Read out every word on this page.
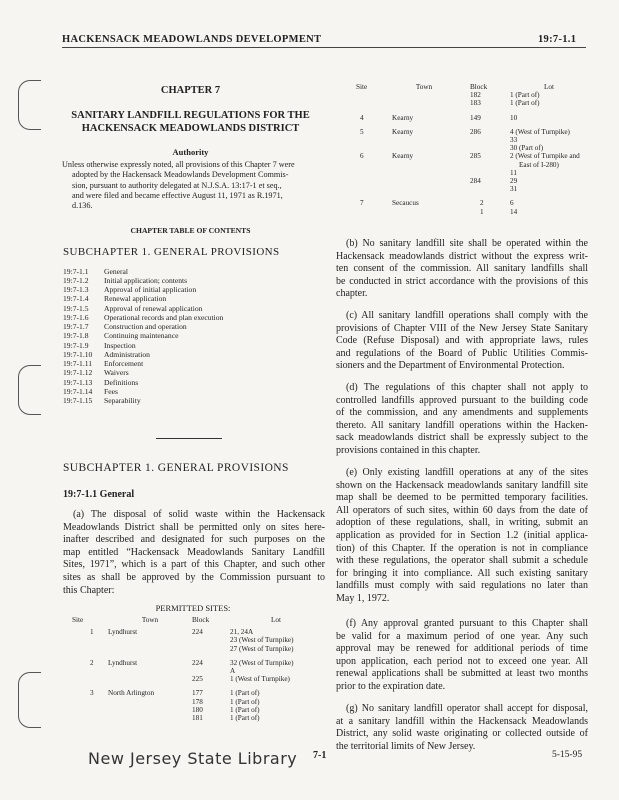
HACKENSACK MEADOWLANDS DEVELOPMENT	19:7-1.1
CHAPTER 7
SANITARY LANDFILL REGULATIONS FOR THE
HACKENSACK MEADOWLANDS DISTRICT
Authority
Unless otherwise expressly noted, all provisions of this Chapter 7 were
adopted by the Hackensack Meadowlands Development Commis-
sion, pursuant to authority delegated at N.J.S.A. 13:17-1 et seq.,
and were filed and became effective August 11, 1971 as R.1971,
d.136.
CHAPTER TABLE OF CONTENTS
SUBCHAPTER 1. GENERAL PROVISIONS
19:7-1.1 General
19:7-1.2 Initial application; contents
19:7-1.3 Approval of initial application
19:7-1.4 Renewal application
19:7-1.5 Approval of renewal application
19:7-1.6 Operational records and plan execution
19:7-1.7 Construction and operation
19:7-1.8 Continuing maintenance
19:7-1.9 Inspection
19:7-1.10 Administration
19:7-1.11 Enforcement
19:7-1.12 Waivers
19:7-1.13 Definitions
19:7-1.14 Fees
19:7-1.15 Separability
SUBCHAPTER 1. GENERAL PROVISIONS
19:7-1.1 General
(a) The disposal of solid waste within the Hackensack
Meadowlands District shall be permitted only on sites here-
inafter described and designated for such purposes on the
map entitled “Hackensack Meadowlands Sanitary Landfill
Sites, 1971”, which is a part of this Chapter, and such other
sites as shall be approved by the Commission pursuant to
this Chapter:
PERMITTED SITES:
Site	Town	Block	Lot
1	Lyndhurst	224	21, 24A
			23 (West of Turnpike)
			27 (West of Turnpike)
2	Lyndhurst	224	32 (West of Turnpike)
			A
		225	1 (West of Turnpike)
3	North Arlington	177	1 (Part of)
		178	1 (Part of)
		180	1 (Part of)
		181	1 (Part of)
Site	Town	Block	Lot
		182	1 (Part of)
		183	1 (Part of)
4	Kearny	149	10
5	Kearny	286	4 (West of Turnpike)
			33
			30 (Part of)
6	Kearny	285	2 (West of Turnpike and
			East of I-280)
			11
		284	29
			31
7	Secaucus	2	6
		1	14
(b) No sanitary landfill site shall be operated within the
Hackensack meadowlands district without the express writ-
ten consent of the commission. All sanitary landfills shall
be conducted in strict accordance with the provisions of this
chapter.
(c) All sanitary landfill operations shall comply with the
provisions of Chapter VIII of the New Jersey State Sanitary
Code (Refuse Disposal) and with appropriate laws, rules
and regulations of the Board of Public Utilities Commis-
sioners and the Department of Environmental Protection.
(d) The regulations of this chapter shall not apply to
controlled landfills approved pursuant to the building code
of the commission, and any amendments and supplements
thereto. All sanitary landfill operations within the Hacken-
sack meadowlands district shall be expressly subject to the
provisions contained in this chapter.
(e) Only existing landfill operations at any of the sites
shown on the Hackensack meadowlands sanitary landfill site
map shall be deemed to be permitted temporary facilities.
All operators of such sites, within 60 days from the date of
adoption of these regulations, shall, in writing, submit an
application as provided for in Section 1.2 (initial applica-
tion) of this Chapter. If the operation is not in compliance
with these regulations, the operator shall submit a schedule
for bringing it into compliance. All such existing sanitary
landfills must comply with said regulations no later than
May 1, 1972.
(f) Any approval granted pursuant to this Chapter shall
be valid for a maximum period of one year. Any such
approval may be renewed for additional periods of time
upon application, each period not to exceed one year. All
renewal applications shall be submitted at least two months
prior to the expiration date.
(g) No sanitary landfill operator shall accept for disposal,
at a sanitary landfill within the Hackensack Meadowlands
District, any solid waste originating or collected outside of
the territorial limits of New Jersey.
New Jersey State Library 7-1	5-15-95
